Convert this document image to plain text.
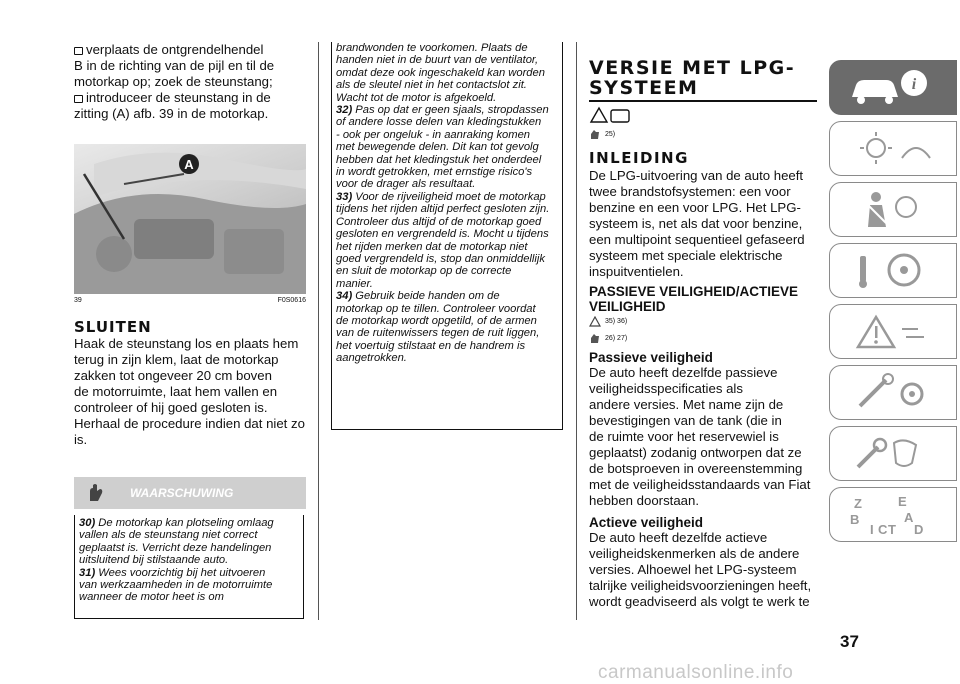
verplaats de ontgrendelhendel

B in de richting van de pijl en til de

motorkap op; zoek de steunstang;

introduceer de steunstang in de

zitting (A) afb. 39 in de motorkap.

A
39	F0S0616

SLUITEN

Haak de steunstang los en plaats hem

terug in zijn klem, laat de motorkap

zakken tot ongeveer 20 cm boven

de motorruimte, laat hem vallen en

controleer of hij goed gesloten is.

Herhaal de procedure indien dat niet zo

is.

WAARSCHUWING

30) De motorkap kan plotseling omlaag

vallen als de steunstang niet correct

geplaatst is. Verricht deze handelingen

uitsluitend bij stilstaande auto.

31) Wees voorzichtig bij het uitvoeren

van werkzaamheden in de motorruimte

wanneer de motor heet is om

brandwonden te voorkomen. Plaats de

handen niet in de buurt van de ventilator,

omdat deze ook ingeschakeld kan worden

als de sleutel niet in het contactslot zit.

Wacht tot de motor is afgekoeld.

32) Pas op dat er geen sjaals, stropdassen

of andere losse delen van kledingstukken

- ook per ongeluk - in aanraking komen

met bewegende delen. Dit kan tot gevolg

hebben dat het kledingstuk het onderdeel

in wordt getrokken, met ernstige risico's

voor de drager als resultaat.

33) Voor de rijveiligheid moet de motorkap

tijdens het rijden altijd perfect gesloten zijn.

Controleer dus altijd of de motorkap goed

gesloten en vergrendeld is. Mocht u tijdens

het rijden merken dat de motorkap niet

goed vergrendeld is, stop dan onmiddellijk

en sluit de motorkap op de correcte

manier.

34) Gebruik beide handen om de

motorkap op te tillen. Controleer voordat

de motorkap wordt opgetild, of de armen

van de ruitenwissers tegen de ruit liggen,

het voertuig stilstaat en de handrem is

aangetrokken.

VERSIE MET LPG-

SYSTEEM

25)

INLEIDING

De LPG-uitvoering van de auto heeft

twee brandstofsystemen: een voor

benzine en een voor LPG. Het LPG-

systeem is, net als dat voor benzine,

een multipoint sequentieel gefaseerd

systeem met speciale elektrische

inspuitventielen.

PASSIEVE VEILIGHEID/ACTIEVE

VEILIGHEID

35) 36)
26) 27)

Passieve veiligheid

De auto heeft dezelfde passieve

veiligheidsspecificaties als

andere versies. Met name zijn de

bevestigingen van de tank (die in

de ruimte voor het reservewiel is

geplaatst) zodanig ontworpen dat ze

de botsproeven in overeenstemming

met de veiligheidsstandaards van Fiat

hebben doorstaan.

Actieve veiligheid

De auto heeft dezelfde actieve

veiligheidskenmerken als de andere

versies. Alhoewel het LPG-systeem

talrijke veiligheidsvoorzieningen heeft,

wordt geadviseerd als volgt te werk te

i
Z	E
B	A
I C T D
37
carmanualsonline.info
